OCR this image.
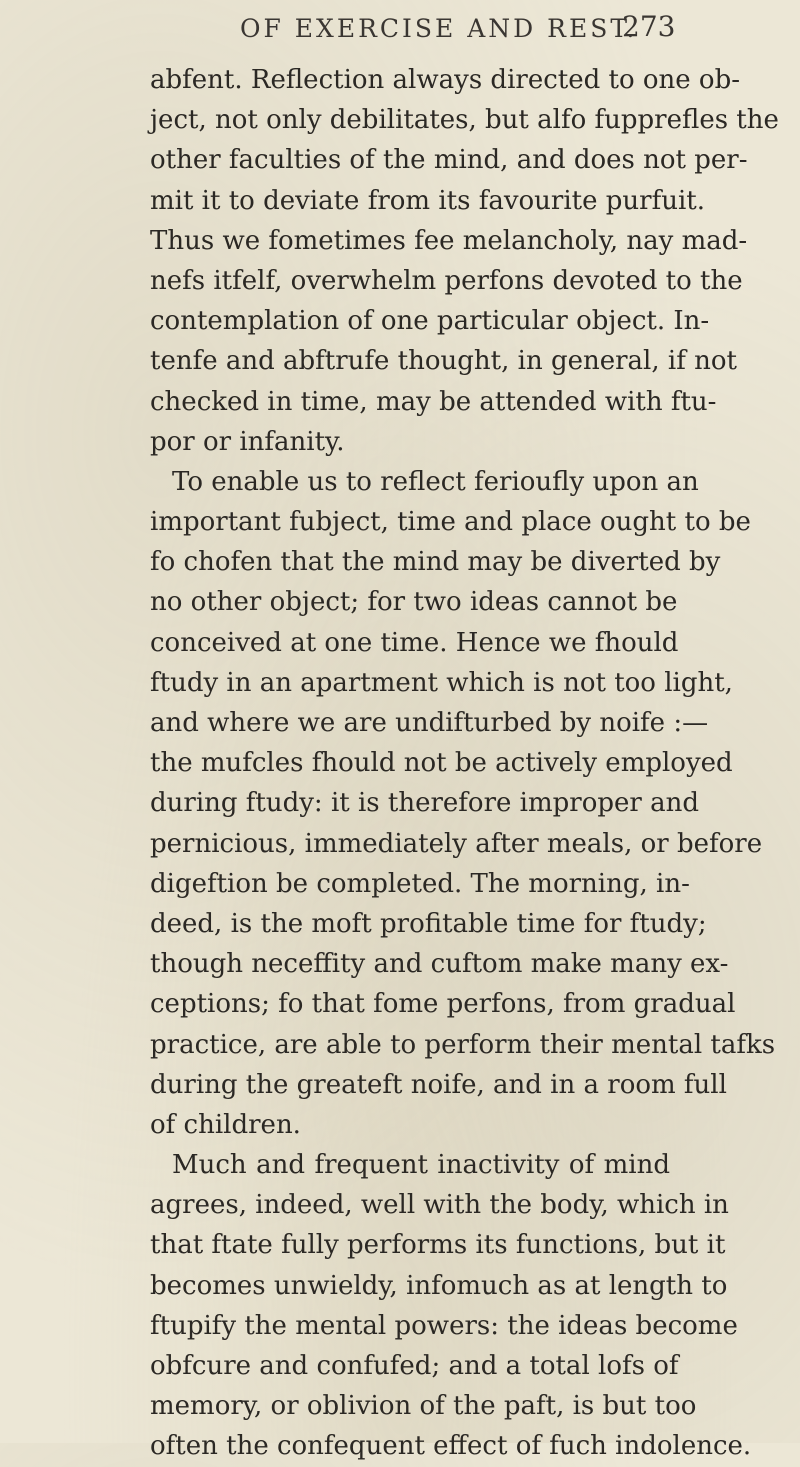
OF EXERCISE AND REST.
273
abfent. Reflection always directed to one ob-
ject, not only debilitates, but alfo fupprefles the
other faculties of the mind, and does not per-
mit it to deviate from its favourite purfuit.
Thus we fometimes fee melancholy, nay mad-
nefs itfelf, overwhelm perfons devoted to the
contemplation of one particular object. In-
tenfe and abftrufe thought, in general, if not
checked in time, may be attended with ftu-
por or infanity.
To enable us to reflect ferioufly upon an
important fubject, time and place ought to be
fo chofen that the mind may be diverted by
no other object; for two ideas cannot be
conceived at one time. Hence we fhould
ftudy in an apartment which is not too light,
and where we are undifturbed by noife :—
the mufcles fhould not be actively employed
during ftudy: it is therefore improper and
pernicious, immediately after meals, or before
digeftion be completed. The morning, in-
deed, is the moft profitable time for ftudy;
though neceffity and cuftom make many ex-
ceptions; fo that fome perfons, from gradual
practice, are able to perform their mental tafks
during the greateft noife, and in a room full
of children.
Much and frequent inactivity of mind
agrees, indeed, well with the body, which in
that ftate fully performs its functions, but it
becomes unwieldy, infomuch as at length to
ftupify the mental powers: the ideas become
obfcure and confufed; and a total lofs of
memory, or oblivion of the paft, is but too
often the confequent effect of fuch indolence.
